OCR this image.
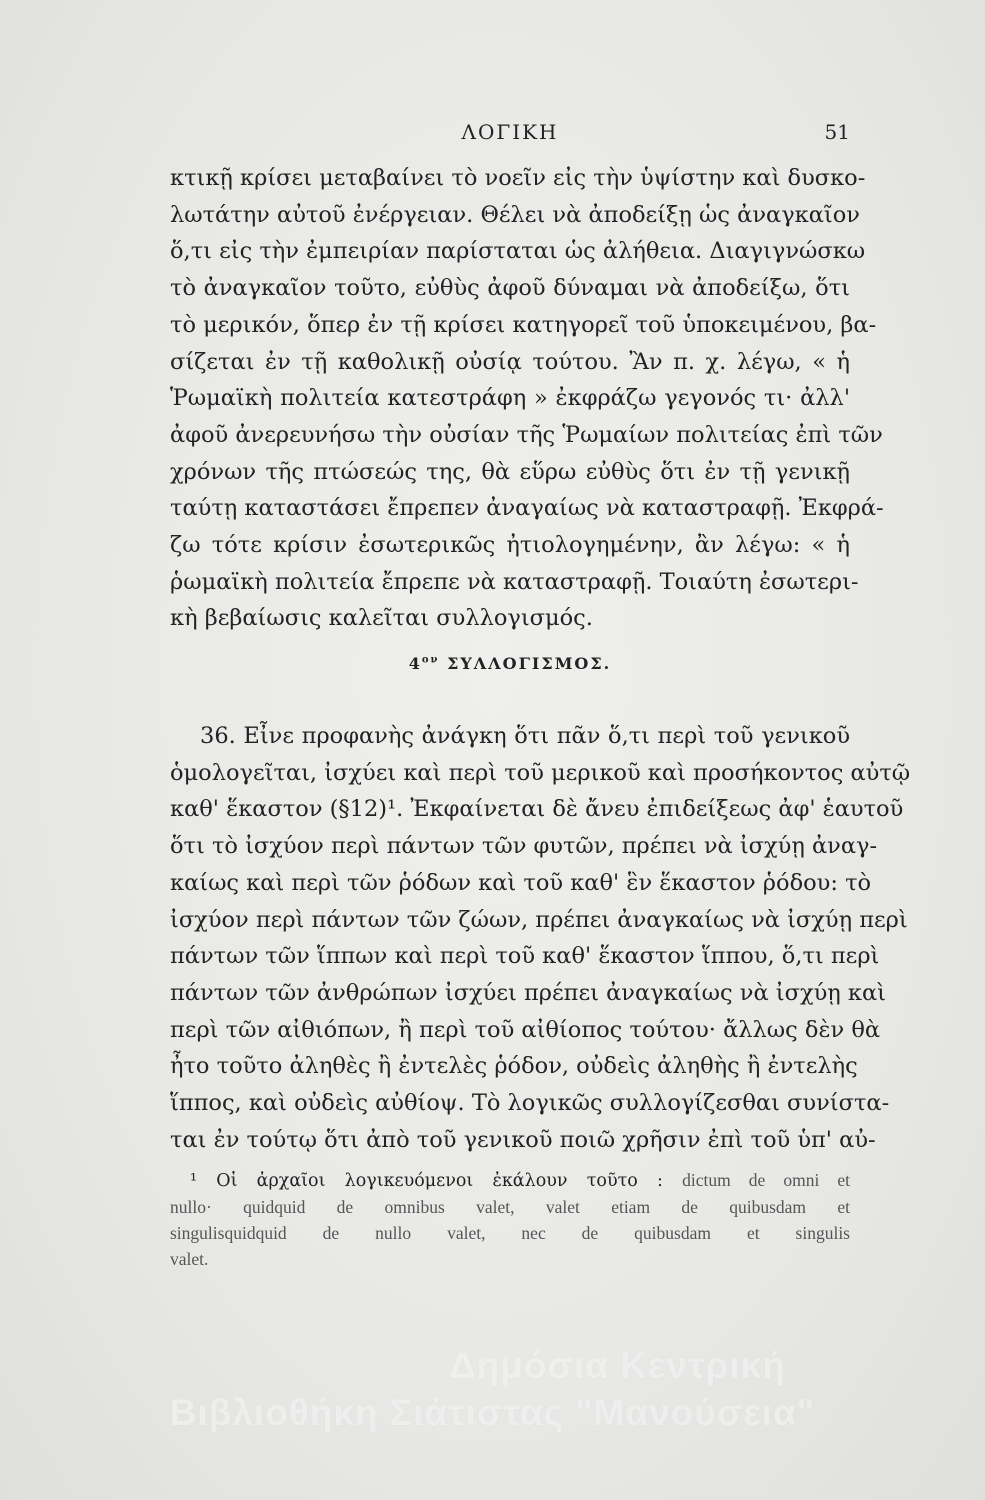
ΛΟΓΙΚΗ	51
κτικῇ κρίσει μεταβαίνει τὸ νοεῖν εἰς τὴν ὑψίστην καὶ δυσκο-
λωτάτην αὐτοῦ ἐνέργειαν. Θέλει νὰ ἀποδείξῃ ὡς ἀναγκαῖον
ὅ,τι εἰς τὴν ἐμπειρίαν παρίσταται ὡς ἀλήθεια. Διαγιγνώσκω
τὸ ἀναγκαῖον τοῦτο, εὐθὺς ἀφοῦ δύναμαι νὰ ἀποδείξω, ὅτι
τὸ μερικόν, ὅπερ ἐν τῇ κρίσει κατηγορεῖ τοῦ ὑποκειμένου, βα-
σίζεται ἐν τῇ καθολικῇ οὐσίᾳ τούτου. Ἂν π. χ. λέγω, « ἡ
Ῥωμαϊκὴ πολιτεία κατεστράφη » ἐκφράζω γεγονός τι· ἀλλ'
ἀφοῦ ἀνερευνήσω τὴν οὐσίαν τῆς Ῥωμαίων πολιτείας ἐπὶ τῶν
χρόνων τῆς πτώσεώς της, θὰ εὕρω εὐθὺς ὅτι ἐν τῇ γενικῇ
ταύτῃ καταστάσει ἔπρεπεν ἀναγαίως νὰ καταστραφῇ. Ἐκφρά-
ζω τότε κρίσιν ἐσωτερικῶς ἠτιολογημένην, ἂν λέγω: « ἡ
ῥωμαϊκὴ πολιτεία ἔπρεπε νὰ καταστραφῇ. Τοιαύτη ἐσωτερι-
κὴ βεβαίωσις καλεῖται συλλογισμός.
$4^{o\nu}$ ΣΥΛΛΟΓΙΣΜΟΣ.
36. Εἶνε προφανὴς ἀνάγκη ὅτι πᾶν ὅ,τι περὶ τοῦ γενικοῦ
ὁμολογεῖται, ἰσχύει καὶ περὶ τοῦ μερικοῦ καὶ προσήκοντος αὐτῷ
καθ' ἕκαστον (§12)¹. Ἐκφαίνεται δὲ ἄνευ ἐπιδείξεως ἀφ' ἑαυτοῦ
ὅτι τὸ ἰσχύον περὶ πάντων τῶν φυτῶν, πρέπει νὰ ἰσχύῃ ἀναγ-
καίως καὶ περὶ τῶν ῥόδων καὶ τοῦ καθ' ἓν ἕκαστον ῥόδου: τὸ
ἰσχύον περὶ πάντων τῶν ζώων, πρέπει ἀναγκαίως νὰ ἰσχύῃ περὶ
πάντων τῶν ἵππων καὶ περὶ τοῦ καθ' ἕκαστον ἵππου, ὅ,τι περὶ
πάντων τῶν ἀνθρώπων ἰσχύει πρέπει ἀναγκαίως νὰ ἰσχύῃ καὶ
περὶ τῶν αἰθιόπων, ἢ περὶ τοῦ αἰθίοπος τούτου· ἄλλως δὲν θὰ
ἦτο τοῦτο ἀληθὲς ἢ ἐντελὲς ῥόδον, οὐδεὶς ἀληθὴς ἢ ἐντελὴς
ἵππος, καὶ οὐδεὶς αὐθίοψ. Τὸ λογικῶς συλλογίζεσθαι συνίστα-
ται ἐν τούτῳ ὅτι ἀπὸ τοῦ γενικοῦ ποιῶ χρῆσιν ἐπὶ τοῦ ὑπ' αὐ-
¹ Οἱ ἀρχαῖοι λογικευόμενοι ἐκάλουν τοῦτο : dictum de omni et
nullo· quidquid de omnibus valet, valet etiam de quibusdam et
singulisquidquid de nullo valet, nec de quibusdam et singulis
valet.
Δημόσια Κεντρική
Βιβλιοθήκη Σιάτιστας "Μανούσεια"
